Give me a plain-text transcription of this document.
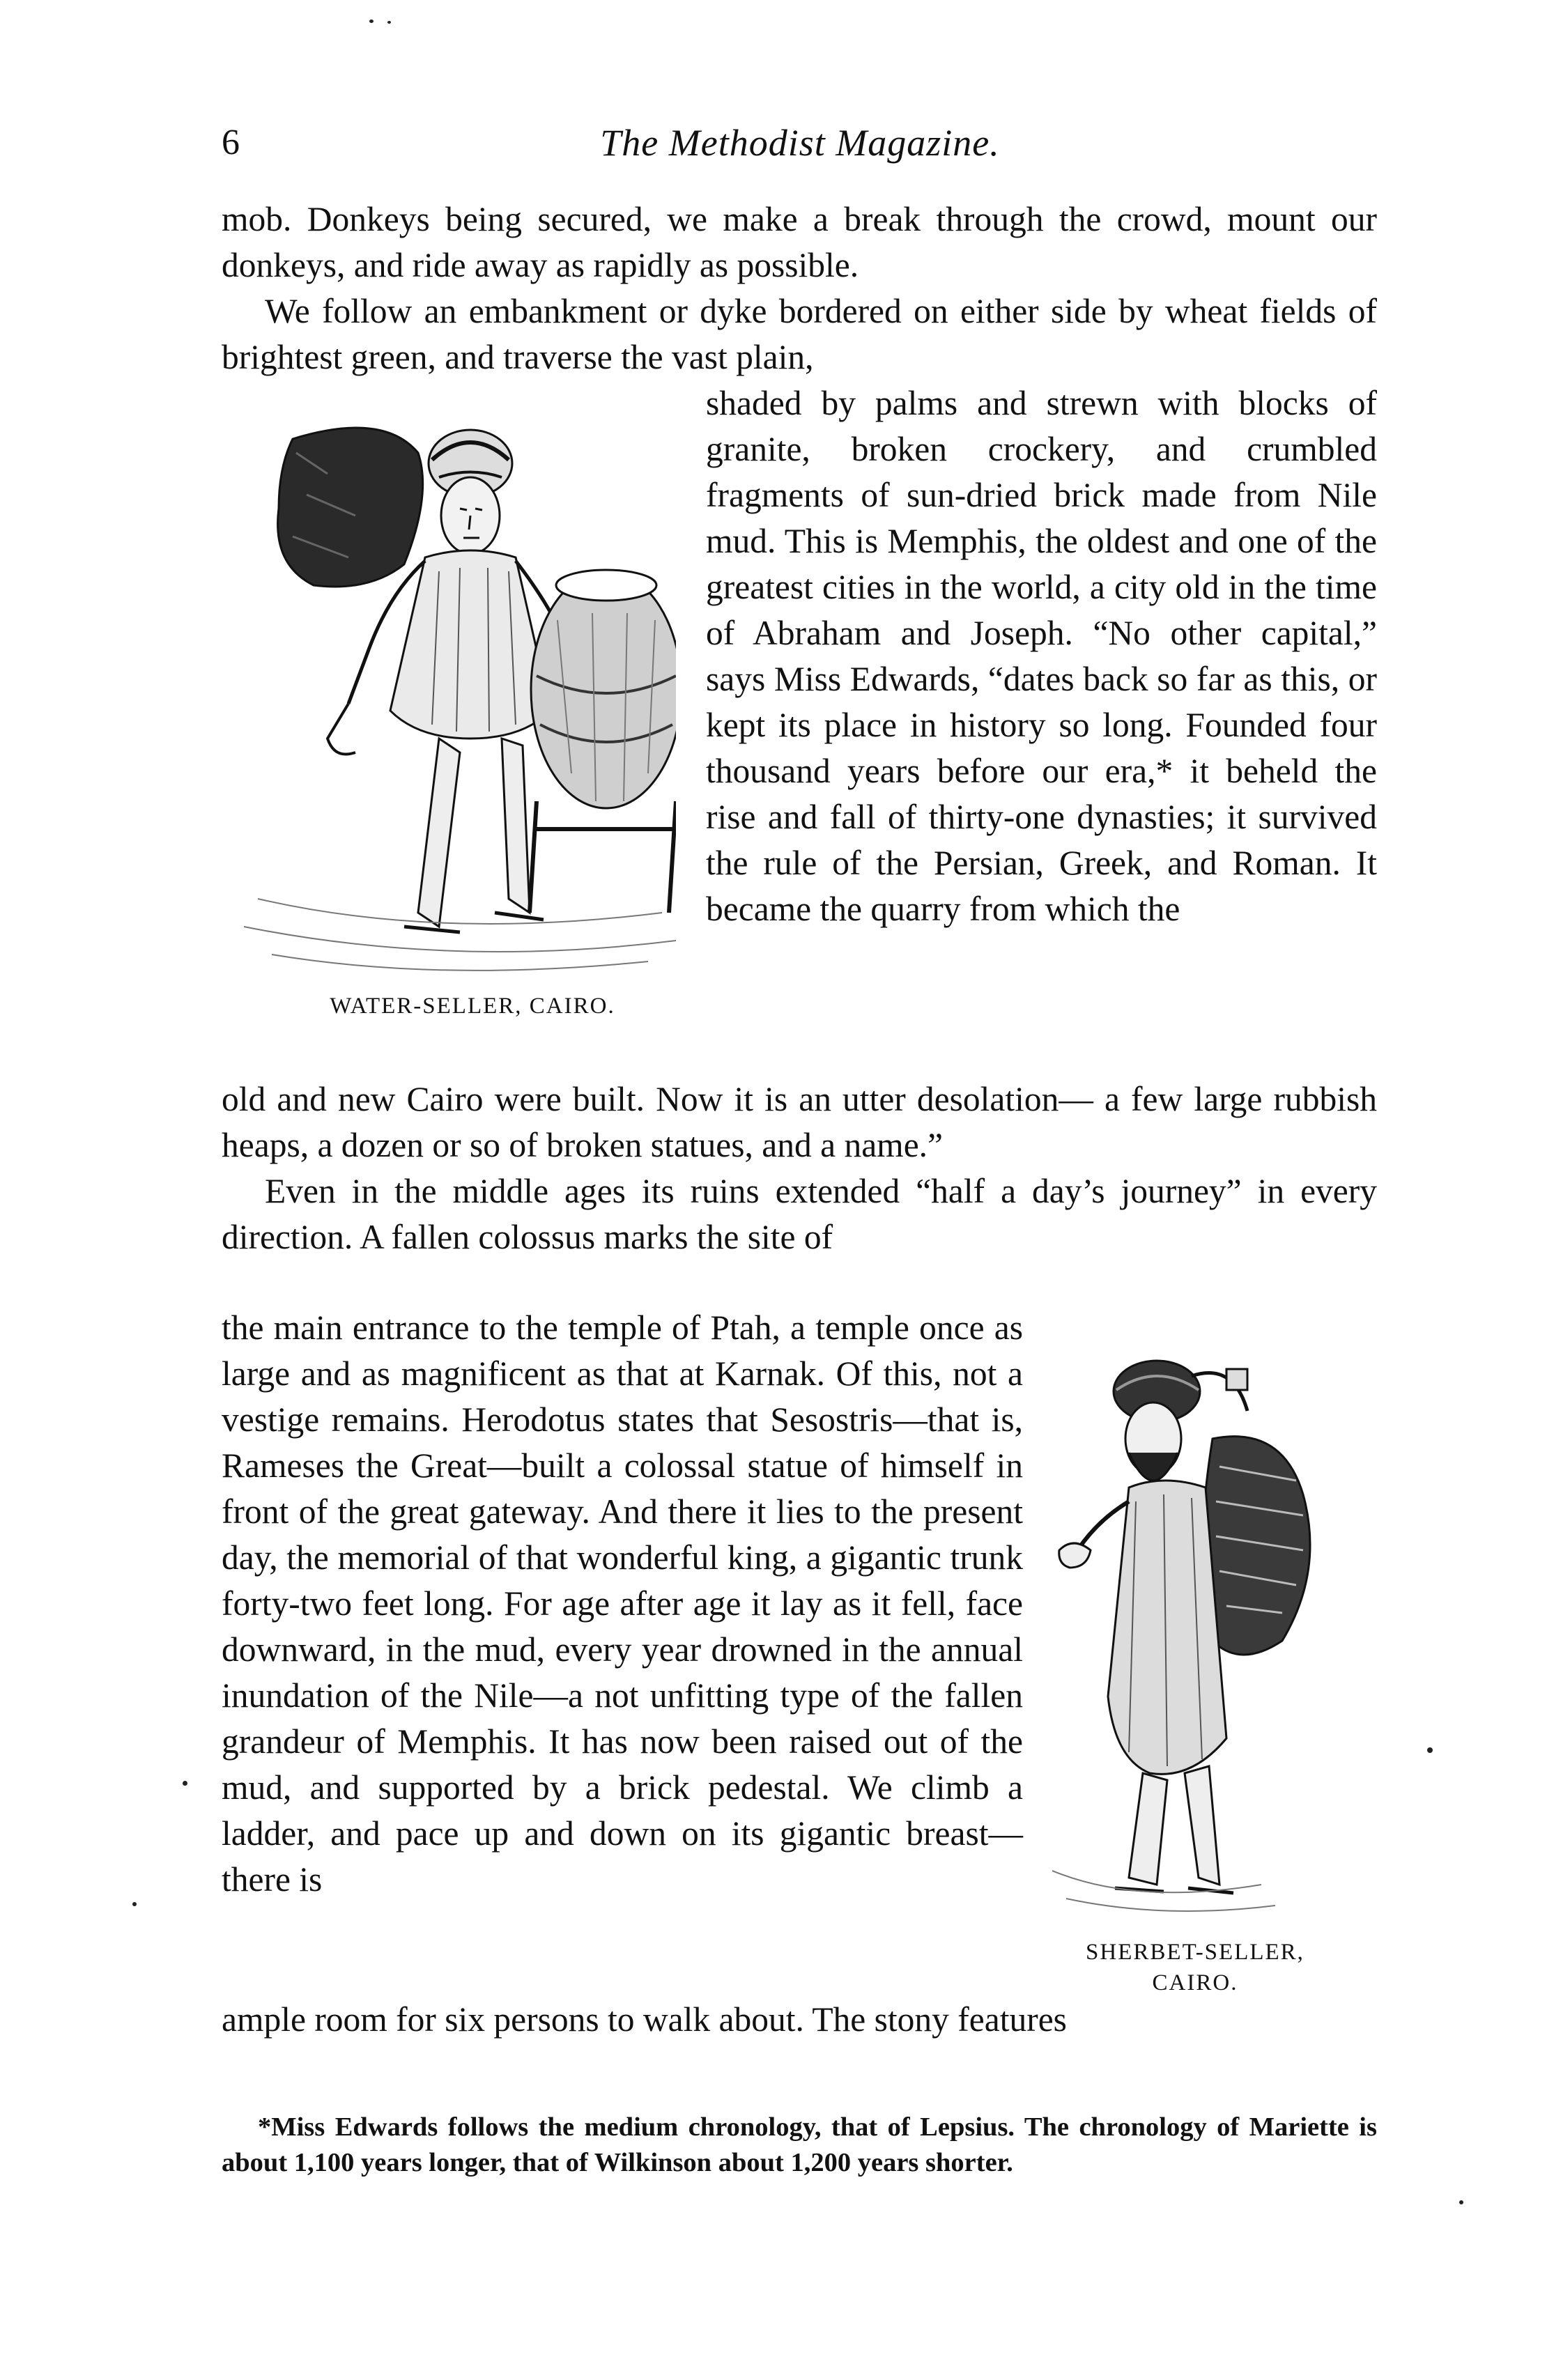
6	The Methodist Magazine.

mob. Donkeys being secured, we make a break through the crowd, mount our donkeys, and ride away as rapidly as possible.
We follow an embankment or dyke bordered on either side by wheat fields of brightest green, and traverse the vast plain,

shaded by palms and strewn with blocks of granite, broken crockery, and crumbled fragments of sun-dried brick made from Nile mud. This is Memphis, the oldest and one of the greatest cities in the world, a city old in the time of Abraham and Joseph. “No other capital,” says Miss Edwards, “dates back so far as this, or kept its place in history so long. Founded four thousand years before our era,* it beheld the rise and fall of thirty-one dynasties; it survived the rule of the Persian, Greek, and Roman. It became the quarry from which the

WATER-SELLER, CAIRO.

old and new Cairo were built. Now it is an utter desolation— a few large rubbish heaps, a dozen or so of broken statues, and a name.”
Even in the middle ages its ruins extended “half a day’s journey” in every direction. A fallen colossus marks the site of

the main entrance to the temple of Ptah, a temple once as large and as magnificent as that at Karnak. Of this, not a vestige remains. Herodotus states that Sesostris—that is, Rameses the Great—built a colossal statue of himself in front of the great gateway. And there it lies to the present day, the memorial of that wonderful king, a gigantic trunk forty-two feet long. For age after age it lay as it fell, face downward, in the mud, every year drowned in the annual inundation of the Nile—a not unfitting type of the fallen grandeur of Memphis. It has now been raised out of the mud, and supported by a brick pedestal. We climb a ladder, and pace up and down on its gigantic breast—there is

SHERBET-SELLER,
CAIRO.

ample room for six persons to walk about. The stony features

*Miss Edwards follows the medium chronology, that of Lepsius. The chronology of Mariette is about 1,100 years longer, that of Wilkinson about 1,200 years shorter.
